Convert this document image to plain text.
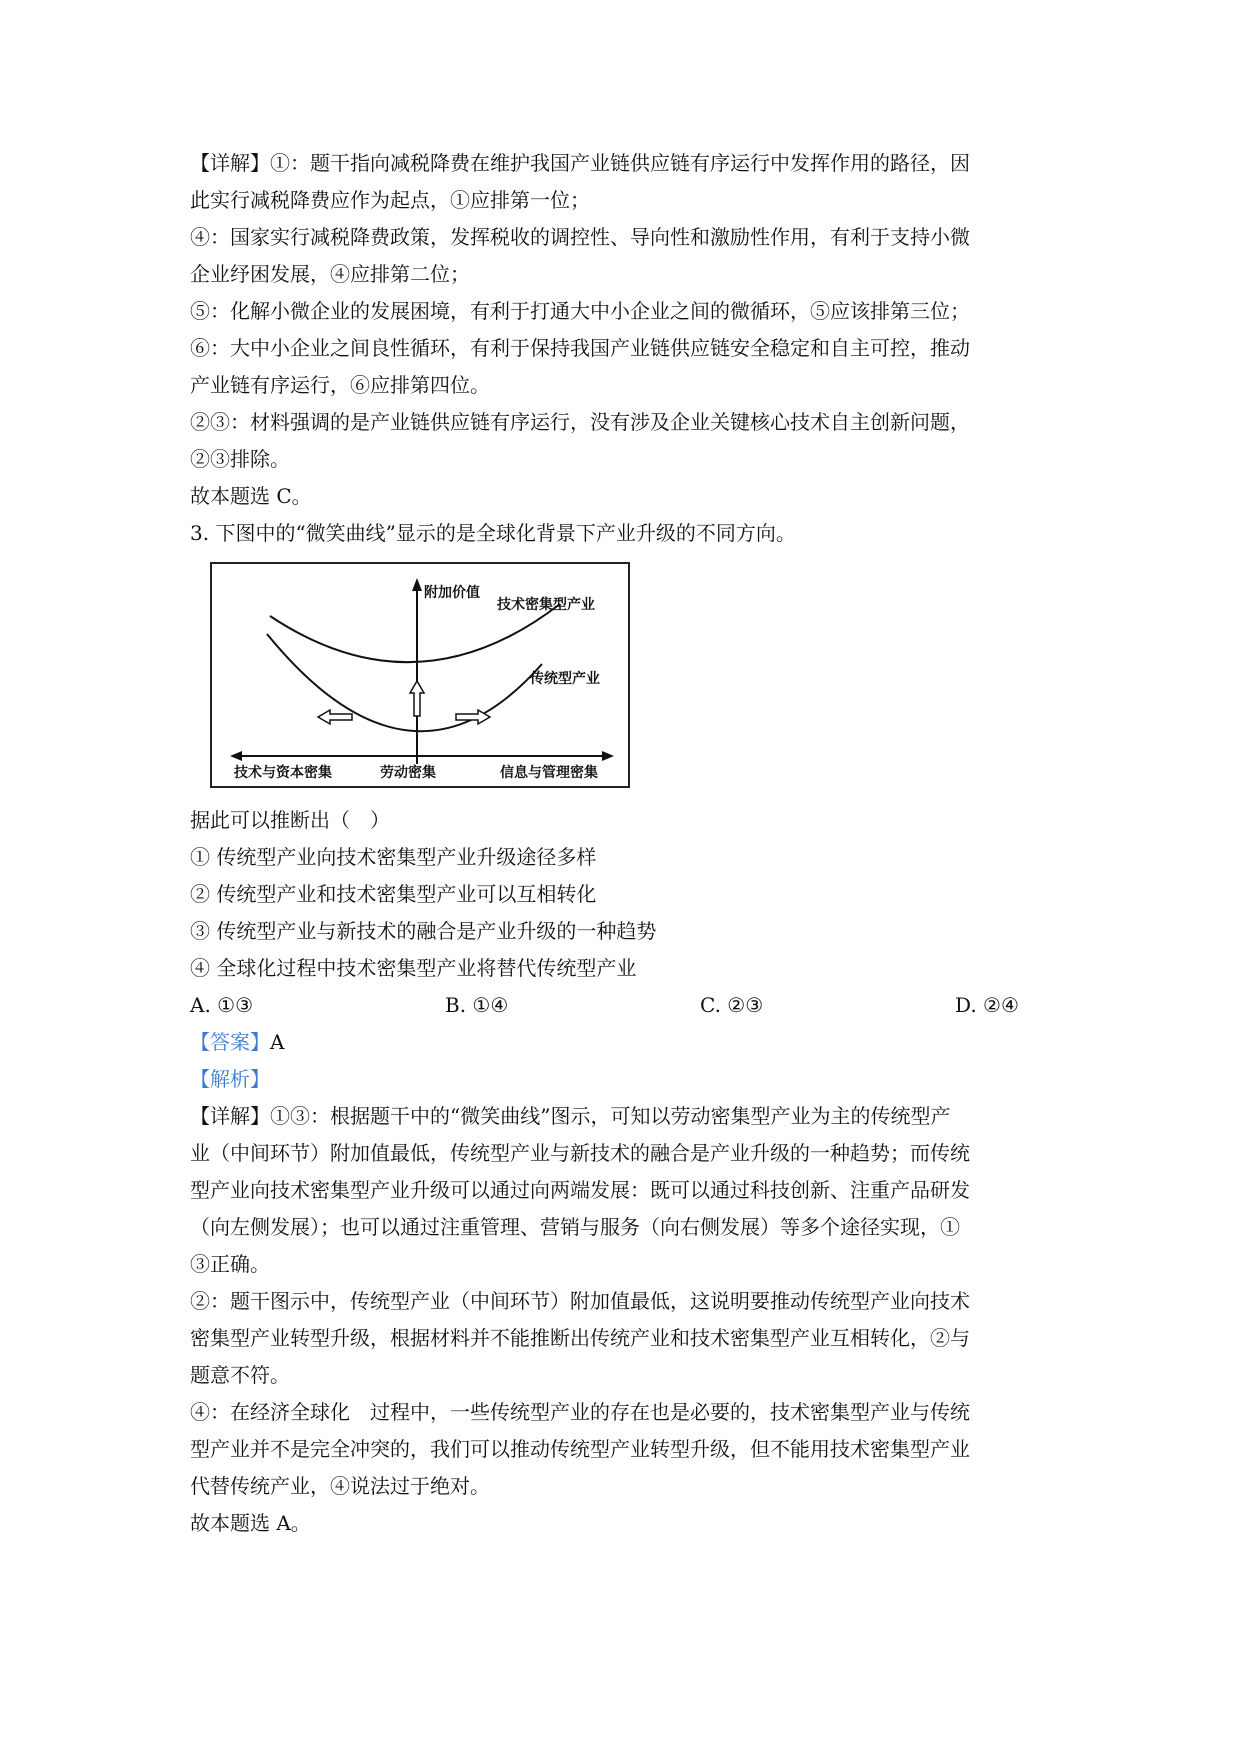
【详解】①：题干指向减税降费在维护我国产业链供应链有序运行中发挥作用的路径，因
此实行减税降费应作为起点，①应排第一位；
④：国家实行减税降费政策，发挥税收的调控性、导向性和激励性作用，有利于支持小微
企业纾困发展，④应排第二位；
⑤：化解小微企业的发展困境，有利于打通大中小企业之间的微循环，⑤应该排第三位；
⑥：大中小企业之间良性循环，有利于保持我国产业链供应链安全稳定和自主可控，推动
产业链有序运行，⑥应排第四位。
②③：材料强调的是产业链供应链有序运行，没有涉及企业关键核心技术自主创新问题，
②③排除。
故本题选 C。
3. 下图中的“微笑曲线”显示的是全球化背景下产业升级的不同方向。
附加价值
技术密集型产业
传统型产业
技术与资本密集	劳动密集	信息与管理密集
据此可以推断出（　）
① 传统型产业向技术密集型产业升级途径多样
② 传统型产业和技术密集型产业可以互相转化
③ 传统型产业与新技术的融合是产业升级的一种趋势
④ 全球化过程中技术密集型产业将替代传统型产业
A. ①③	B. ①④	C. ②③	D. ②④
【答案】A
【解析】
【详解】①③：根据题干中的“微笑曲线”图示，可知以劳动密集型产业为主的传统型产
业（中间环节）附加值最低，传统型产业与新技术的融合是产业升级的一种趋势；而传统
型产业向技术密集型产业升级可以通过向两端发展：既可以通过科技创新、注重产品研发
（向左侧发展）；也可以通过注重管理、营销与服务（向右侧发展）等多个途径实现，①
③正确。
②：题干图示中，传统型产业（中间环节）附加值最低，这说明要推动传统型产业向技术
密集型产业转型升级，根据材料并不能推断出传统产业和技术密集型产业互相转化，②与
题意不符。
④：在经济全球化　过程中，一些传统型产业的存在也是必要的，技术密集型产业与传统
型产业并不是完全冲突的，我们可以推动传统型产业转型升级，但不能用技术密集型产业
代替传统产业，④说法过于绝对。
故本题选 A。
